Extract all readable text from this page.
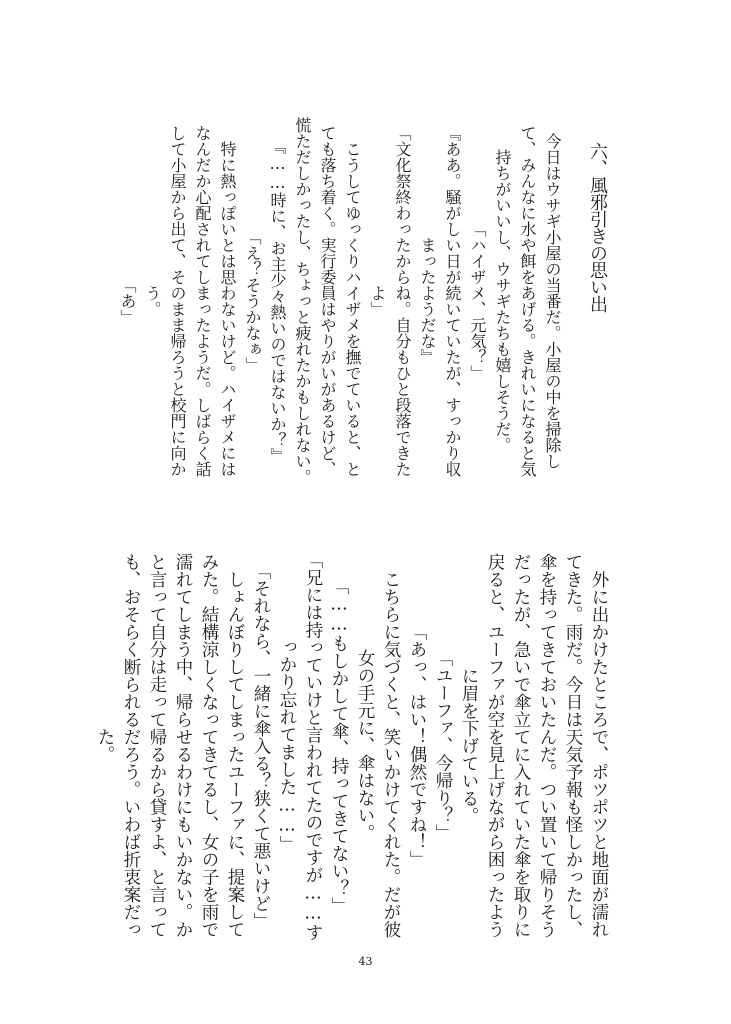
六、風邪引きの思い出
今日はウサギ小屋の当番だ。小屋の中を掃除し
て、みんなに水や餌をあげる。きれいになると気
持ちがいいし、ウサギたちも嬉しそうだ。
「ハイザメ、元気？」
『ああ。騒がしい日が続いていたが、すっかり収
まったようだな』
「文化祭終わったからね。自分もひと段落できた
よ」
　こうしてゆっくりハイザメを撫でていると、と
ても落ち着く。実行委員はやりがいがあるけど、
慌ただしかったし、ちょっと疲れたかもしれない。
『……時に、お主少々熱いのではないか？』
「え？そうかなぁ」
　特に熱っぽいとは思わないけど。ハイザメには
なんだか心配されてしまったようだ。しばらく話
して小屋から出て、そのまま帰ろうと校門に向か
う。
「あ」
　外に出かけたところで、ポツポツと地面が濡れ
てきた。雨だ。今日は天気予報も怪しかったし、
傘を持ってきておいたんだ。つい置いて帰りそう
だったが、急いで傘立てに入れていた傘を取りに
戻ると、ユーファが空を見上げながら困ったよう
に眉を下げている。
「ユーファ、今帰り？」
「あっ、はい！偶然ですね！」
　こちらに気づくと、笑いかけてくれた。だが彼
女の手元に、傘はない。
「……もしかして傘、持ってきてない？」
「兄には持っていけと言われてたのですが……す
っかり忘れてました……」
「それなら、一緒に傘入る？狭くて悪いけど」
　しょんぼりしてしまったユーファに、提案して
みた。結構涼しくなってきてるし、女の子を雨で
濡れてしまう中、帰らせるわけにもいかない。か
と言って自分は走って帰るから貸すよ、と言って
も、おそらく断られるだろう。いわば折衷案だっ
た。
43
